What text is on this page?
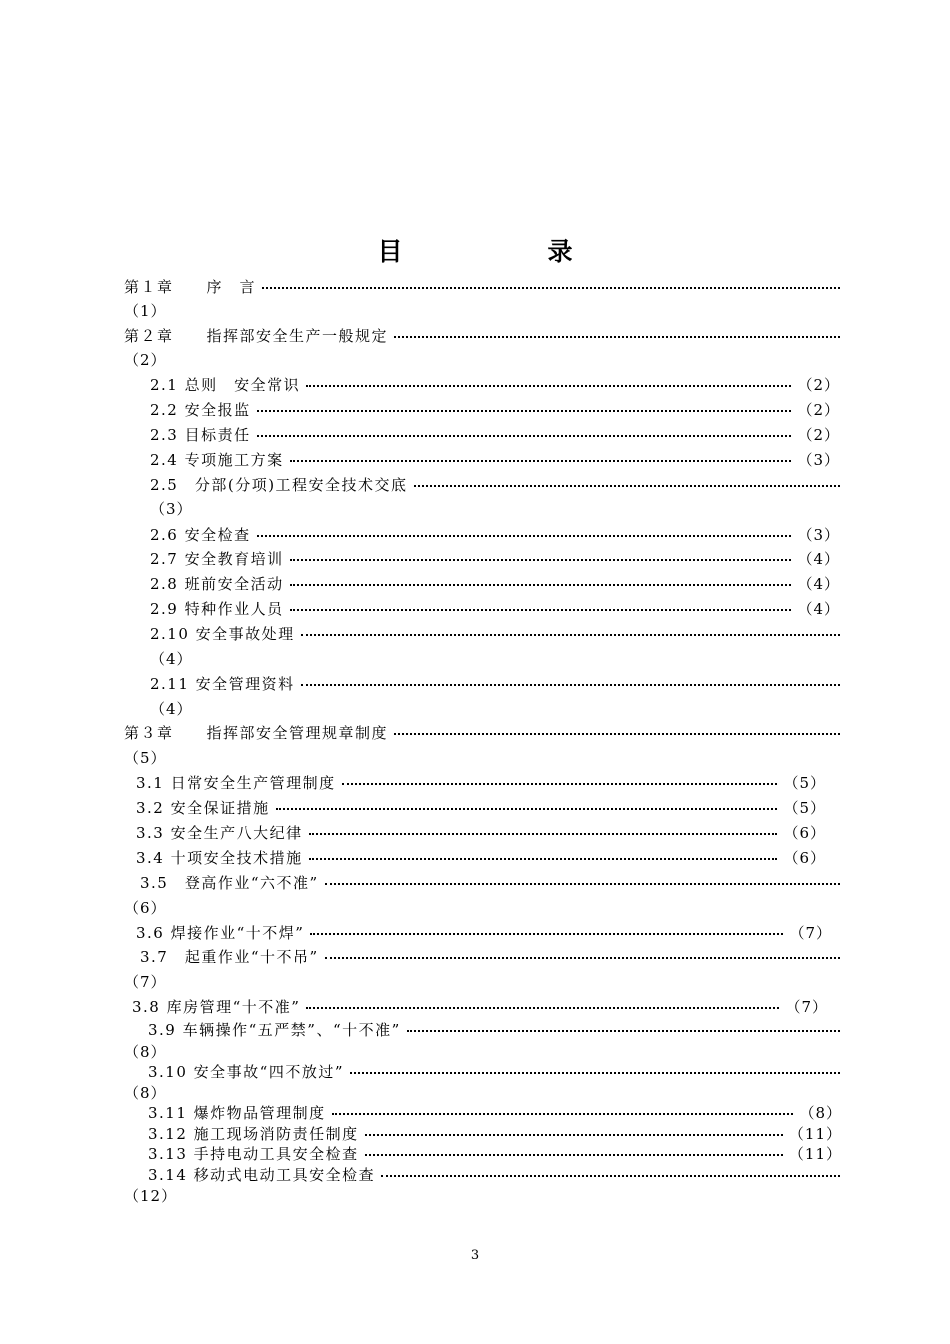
目　录
第１章　　序　言
（1）
第２章　　指挥部安全生产一般规定
（2）
2.1 总则　安全常识	（2）
2.2 安全报监	（2）
2.3 目标责任	（2）
2.4 专项施工方案	（3）
2.5　分部(分项)工程安全技术交底
（3）
2.6 安全检查	（3）
2.7 安全教育培训	（4）
2.8 班前安全活动	（4）
2.9 特种作业人员	（4）
2.10 安全事故处理
（4）
2.11 安全管理资料
（4）
第３章　　指挥部安全管理规章制度
（5）
3.1 日常安全生产管理制度	（5）
3.2 安全保证措施	（5）
3.3 安全生产八大纪律	（6）
3.4 十项安全技术措施	（6）
3.5　登高作业“六不准”
（6）
3.6 焊接作业“十不焊”	（7）
3.7　起重作业“十不吊”
（7）
3.8 库房管理“十不准”	（7）
3.9 车辆操作“五严禁”、“十不准”
（8）
3.10 安全事故“四不放过”
（8）
3.11 爆炸物品管理制度	（8）
3.12 施工现场消防责任制度	（11）
3.13 手持电动工具安全检查	（11）
3.14 移动式电动工具安全检查
（12）
3
